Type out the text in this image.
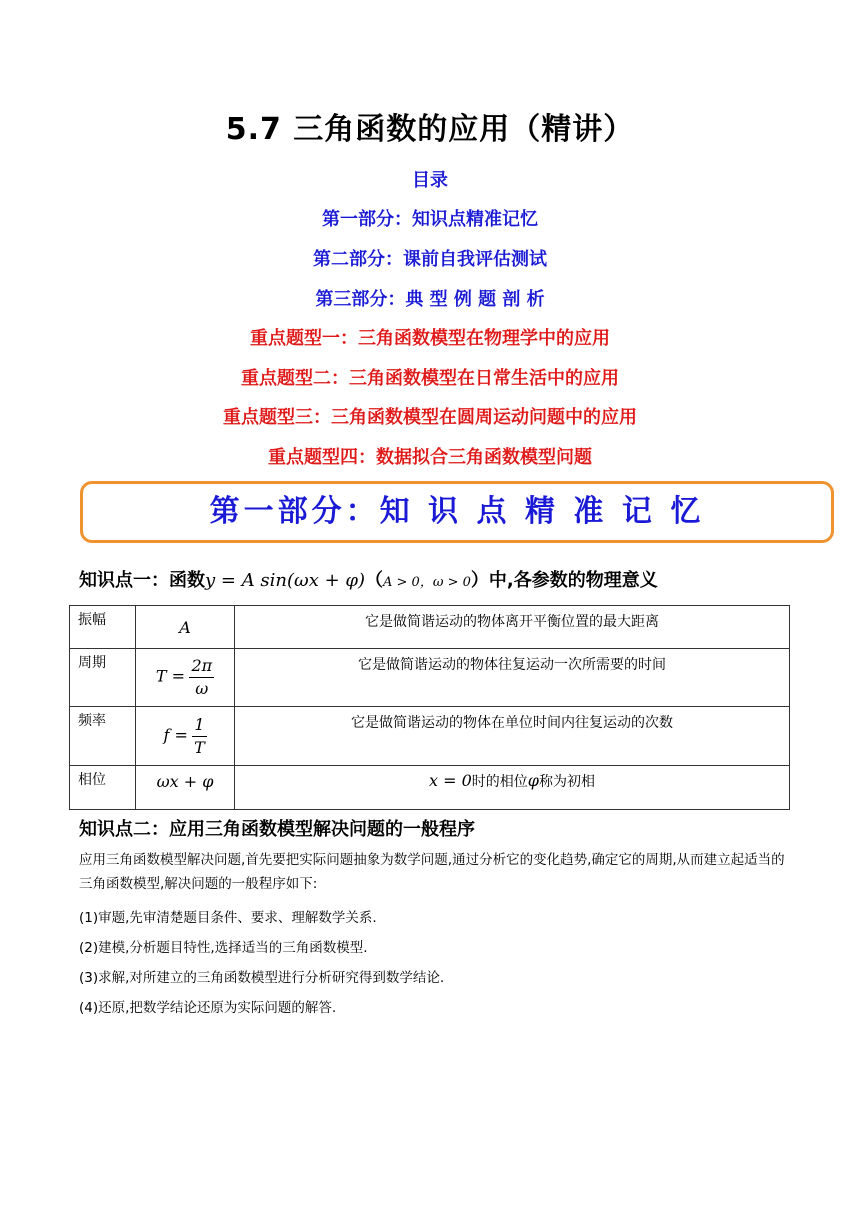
5.7 三角函数的应用（精讲）
目录
第一部分：知识点精准记忆
第二部分：课前自我评估测试
第三部分：典 型 例 题 剖 析
重点题型一：三角函数模型在物理学中的应用
重点题型二：三角函数模型在日常生活中的应用
重点题型三：三角函数模型在圆周运动问题中的应用
重点题型四：数据拟合三角函数模型问题
第一部分：知 识 点 精 准 记 忆
知识点一：函数y = A sin(ωx + φ)（A > 0，ω > 0）中,各参数的物理意义
振幅	A	它是做简谐运动的物体离开平衡位置的最大距离
周期	$T = \frac{2\pi}{\omega}$	它是做简谐运动的物体往复运动一次所需要的时间
频率	$f = \frac{1}{T}$	它是做简谐运动的物体在单位时间内往复运动的次数
相位	ωx + φ	x = 0时的相位φ称为初相
知识点二：应用三角函数模型解决问题的一般程序
应用三角函数模型解决问题,首先要把实际问题抽象为数学问题,通过分析它的变化趋势,确定它的周期,从而建立起适当的三角函数模型,解决问题的一般程序如下:
(1)审题,先审清楚题目条件、要求、理解数学关系.
(2)建模,分析题目特性,选择适当的三角函数模型.
(3)求解,对所建立的三角函数模型进行分析研究得到数学结论.
(4)还原,把数学结论还原为实际问题的解答.
